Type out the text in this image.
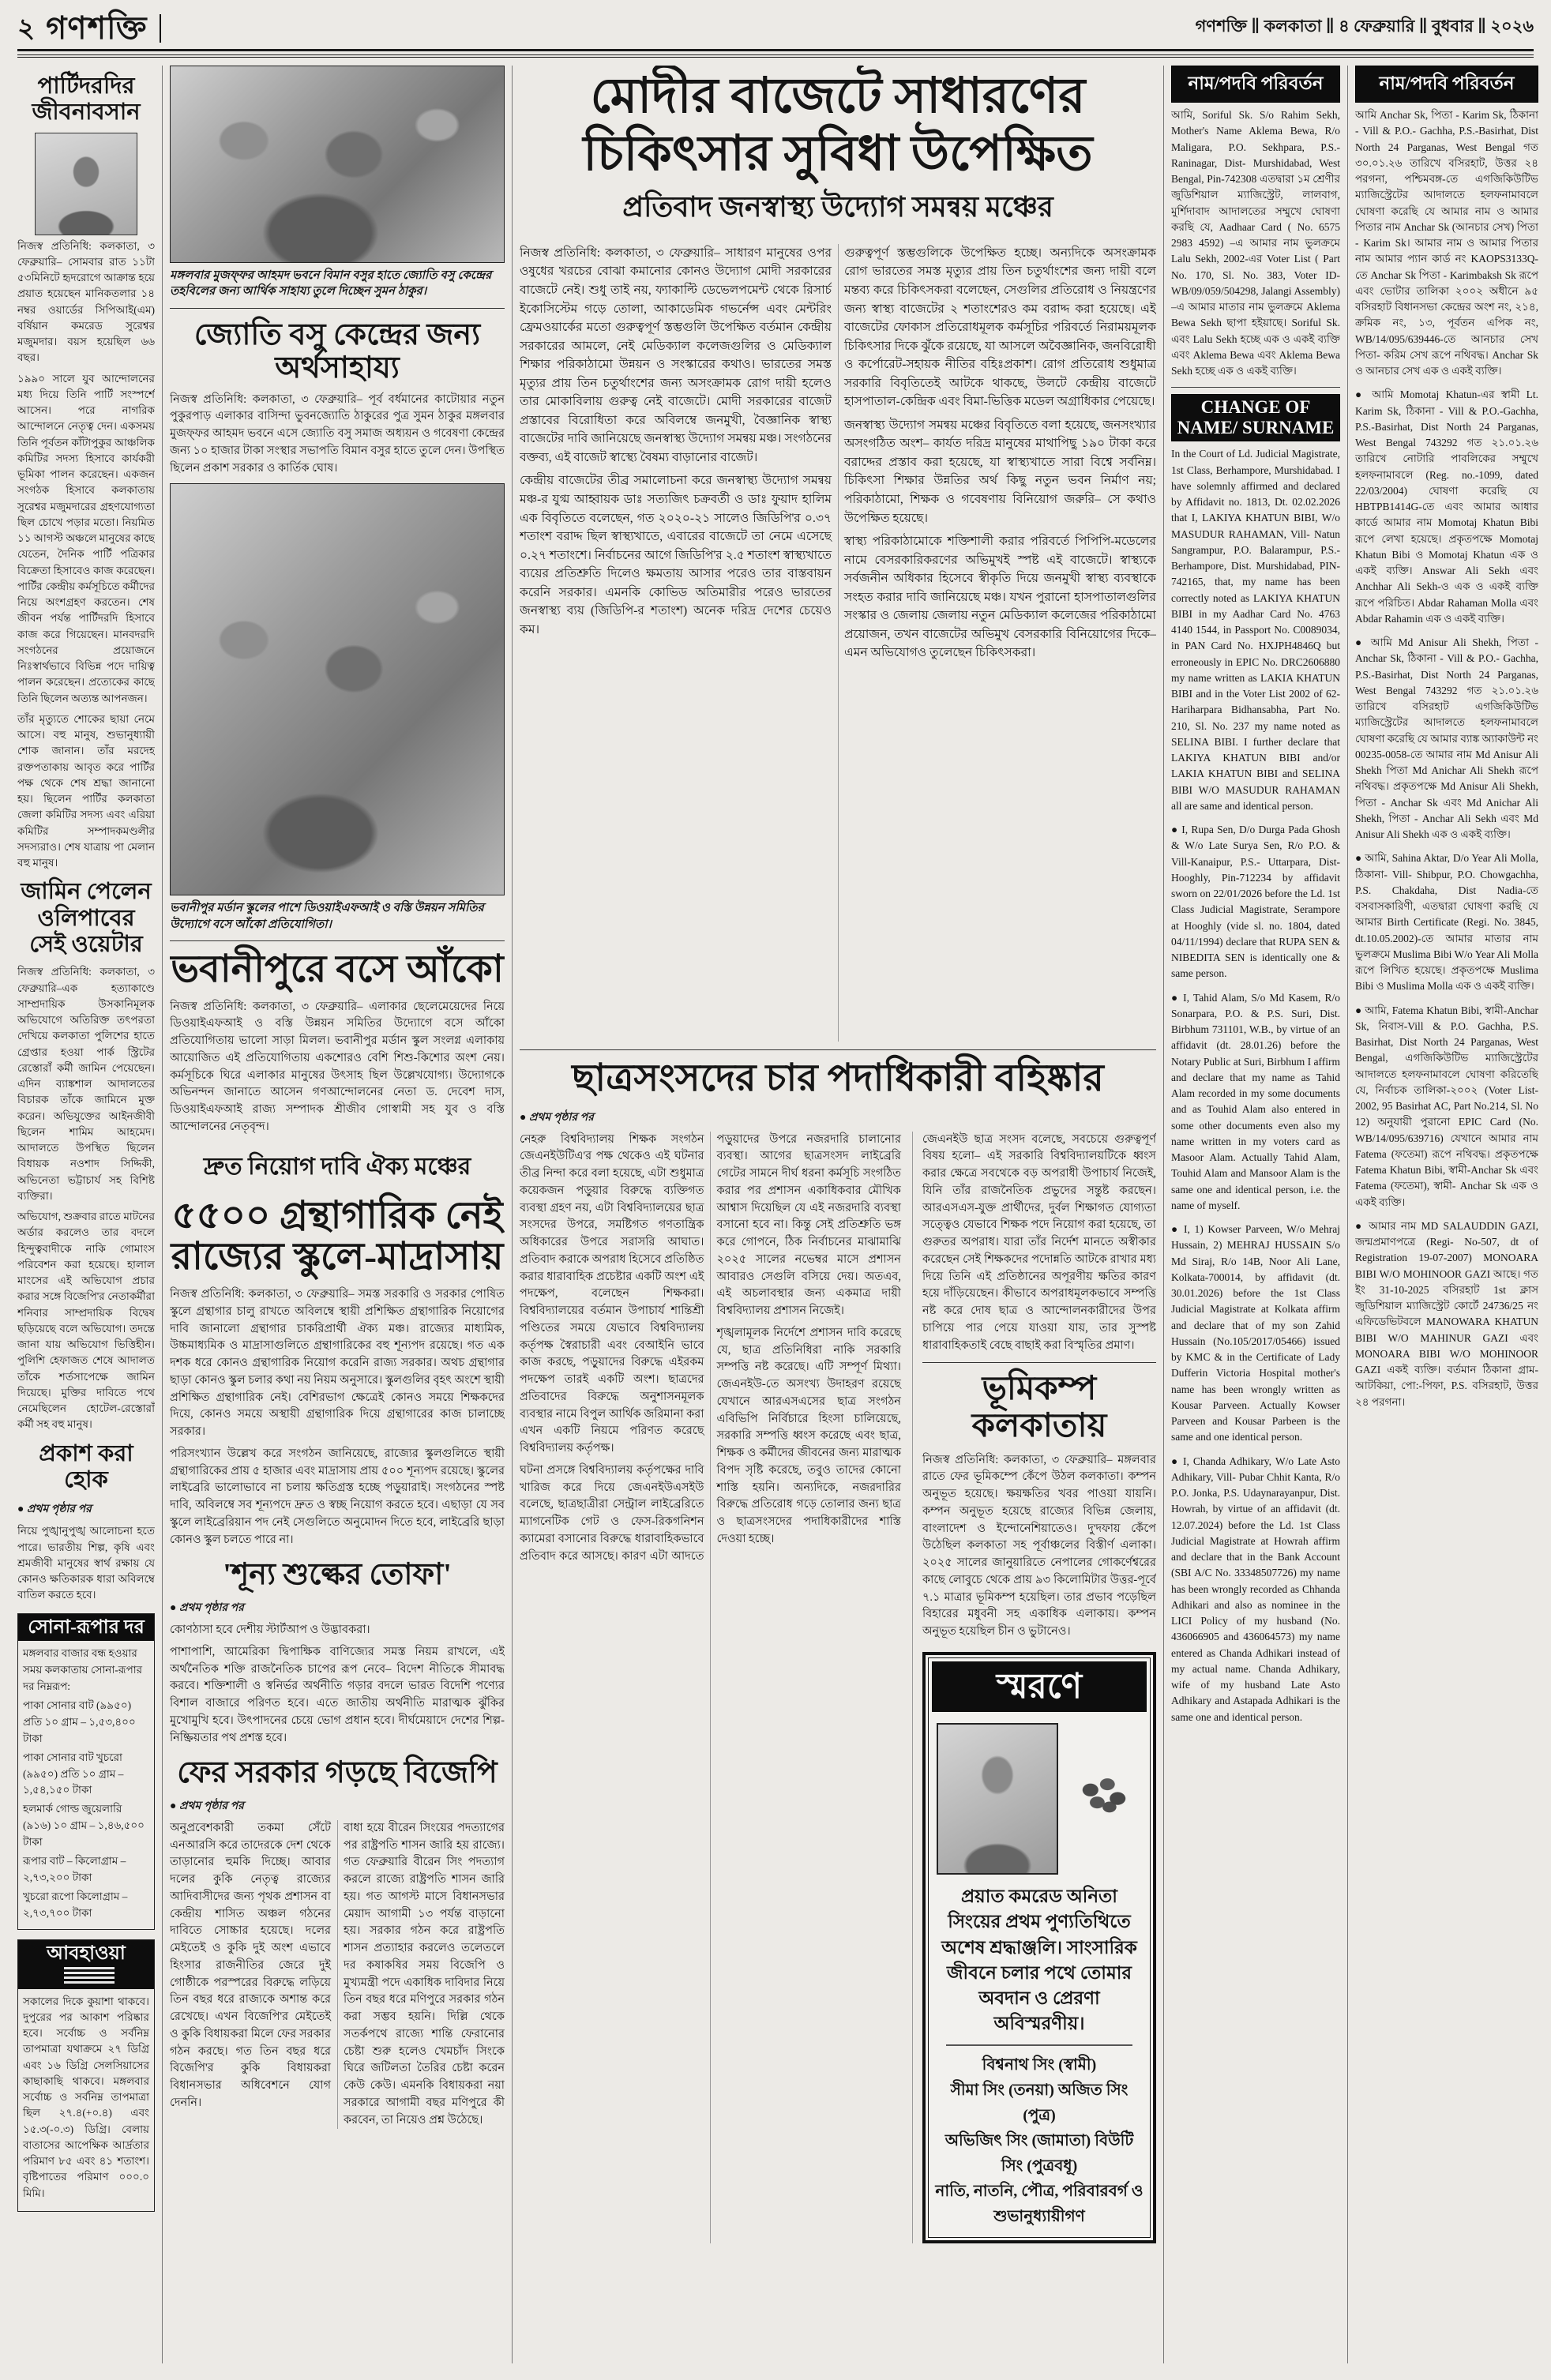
২ গণশক্তি	গণশক্তি ∥ কলকাতা ∥ ৪ ফেব্রুয়ারি ∥ বুধবার ∥ ২০২৬
পার্টিদরদির জীবনাবসান

নিজস্ব প্রতিনিধি: কলকাতা, ৩ ফেব্রুয়ারি– সোমবার রাত ১১টা ৫৩মিনিটে হৃদরোগে আক্রান্ত হয়ে প্রয়াত হয়েছেন মানিকতলার ১৪ নম্বর ওয়ার্ডের সিপিআই(এম) বর্ষিয়ান কমরেড সুরেশ্বর মজুমদার। বয়স হয়েছিল ৬৬ বছর।

১৯৯০ সালে যুব আন্দোলনের মধ্য দিয়ে তিনি পার্টি সংস্পর্শে আসেন। পরে নাগরিক আন্দোলনে নেতৃত্ব দেন। একসময় তিনি পূর্বতন কাঁটাপুকুর আঞ্চলিক কমিটির সদস্য হিসাবে কার্যকরী ভূমিকা পালন করেছেন। একজন সংগঠক হিসাবে কলকাতায় সুরেশ্বর মজুমদারের গ্রহণযোগ্যতা ছিল চোখে পড়ার মতো। নিয়মিত ১১ আগস্ট অঞ্চলে মানুষের কাছে যেতেন, দৈনিক পার্টি পত্রিকার বিক্রেতা হিসাবেও কাজ করেছেন। পার্টির কেন্দ্রীয় কর্মসূচিতে কর্মীদের নিয়ে অংশগ্রহণ করতেন। শেষ জীবন পর্যন্ত পার্টিদরদি হিসাবে কাজ করে গিয়েছেন। মানবদরদি সংগঠনের প্রয়োজনে নিঃস্বার্থভাবে বিভিন্ন পদে দায়িত্ব পালন করেছেন। প্রত্যেকের কাছে তিনি ছিলেন অত্যন্ত আপনজন।

তাঁর মৃত্যুতে শোকের ছায়া নেমে আসে। বহু মানুষ, শুভানুধ্যায়ী শোক জানান। তাঁর মরদেহ রক্তপতাকায় আবৃত করে পার্টির পক্ষ থেকে শেষ শ্রদ্ধা জানানো হয়। ছিলেন পার্টির কলকাতা জেলা কমিটির সদস্য এবং এরিয়া কমিটির সম্পাদকমণ্ডলীর সদস্যরাও। শেষ যাত্রায় পা মেলান বহু মানুষ।

জামিন পেলেন ওলিপাবের সেই ওয়েটার

নিজস্ব প্রতিনিধি: কলকাতা, ৩ ফেব্রুয়ারি–এক হত্যাকাণ্ডে সাম্প্রদায়িক উসকানিমূলক অভিযোগে অতিরিক্ত তৎপরতা দেখিয়ে কলকাতা পুলিশের হাতে গ্রেপ্তার হওয়া পার্ক স্ট্রিটের রেস্তোরাঁ কর্মী জামিন পেয়েছেন। এদিন ব্যাঙ্কশাল আদালতের বিচারক তাঁকে জামিনে মুক্ত করেন। অভিযুক্তের আইনজীবী ছিলেন শামিম আহমেদ। আদালতে উপস্থিত ছিলেন বিধায়ক নওশাদ সিদ্দিকী, অভিনেতা ভট্টাচার্য সহ বিশিষ্ট ব্যক্তিরা।

অভিযোগ, শুক্রবার রাতে মাটনের অর্ডার করলেও তার বদলে হিন্দুত্ববাদীকে নাকি গোমাংস পরিবেশন করা হয়েছে। হালাল মাংসের এই অভিযোগ প্রচার করার সঙ্গে বিজেপি'র নেতাকর্মীরা শনিবার সাম্প্রদায়িক বিদ্বেষ ছড়িয়েছে বলে অভিযোগ। তদন্তে জানা যায় অভিযোগ ভিত্তিহীন। পুলিশি হেফাজত শেষে আদালত তাঁকে শর্তসাপেক্ষে জামিন দিয়েছে। মুক্তির দাবিতে পথে নেমেছিলেন হোটেল-রেস্তোরাঁ কর্মী সহ বহু মানুষ।

প্রকাশ করা হোক
● প্রথম পৃষ্ঠার পর

নিয়ে পুঙ্খানুপুঙ্খ আলোচনা হতে পারে। ভারতীয় শিল্প, কৃষি এবং শ্রমজীবী মানুষের স্বার্থ রক্ষায় যে কোনও ক্ষতিকারক ধারা অবিলম্বে বাতিল করতে হবে।

সোনা-রূপার দর

মঙ্গলবার বাজার বন্ধ হওয়ার সময় কলকাতায় সোনা-রূপার দর নিম্নরূপ:

পাকা সোনার বাট (৯৯৫০) প্রতি ১০ গ্রাম – ১,৫৩,৪০০ টাকা

পাকা সোনার বাট খুচরো (৯৯৫০) প্রতি ১০ গ্রাম – ১,৫৪,১৫০ টাকা

হলমার্ক গোল্ড জুয়েলারি (৯১৬) ১০ গ্রাম – ১,৪৬,৫০০ টাকা

রূপার বাট – কিলোগ্রাম – ২,৭৩,২০০ টাকা

খুচরো রূপো কিলোগ্রাম – ২,৭৩,৭০০ টাকা

আবহাওয়া

সকালের দিকে কুয়াশা থাকবে। দুপুরের পর আকাশ পরিষ্কার হবে। সর্বোচ্চ ও সর্বনিম্ন তাপমাত্রা যথাক্রমে ২৭ ডিগ্রি এবং ১৬ ডিগ্রি সেলসিয়াসের কাছাকাছি থাকবে। মঙ্গলবার সর্বোচ্চ ও সর্বনিম্ন তাপমাত্রা ছিল ২৭.৪(+০.৪) এবং ১৫.৩(-০.৩) ডিগ্রি। বেলায় বাতাসের আপেক্ষিক আর্দ্রতার পরিমাণ ৮৫ এবং ৪১ শতাংশ। বৃষ্টিপাতের পরিমাণ ০০০.০ মিমি।

মঙ্গলবার মুজফ্ফর আহমদ ভবনে বিমান বসুর হাতে জ্যোতি বসু কেন্দ্রের তহবিলের জন্য আর্থিক সাহায্য তুলে দিচ্ছেন সুমন ঠাকুর।
জ্যোতি বসু কেন্দ্রের জন্য অর্থসাহায্য

নিজস্ব প্রতিনিধি: কলকাতা, ৩ ফেব্রুয়ারি– পূর্ব বর্ধমানের কাটোয়ার নতুন পুকুরপাড় এলাকার বাসিন্দা ভুবনজ্যোতি ঠাকুরের পুত্র সুমন ঠাকুর মঙ্গলবার মুজফ্ফর আহমদ ভবনে এসে জ্যোতি বসু সমাজ অধ্যয়ন ও গবেষণা কেন্দ্রের জন্য ১০ হাজার টাকা সংস্থার সভাপতি বিমান বসুর হাতে তুলে দেন। উপস্থিত ছিলেন প্রকাশ সরকার ও কার্তিক ঘোষ।

ভবানীপুর মর্ডান স্কুলের পাশে ডিওয়াইএফআই ও বস্তি উন্নয়ন সমিতির উদ্যোগে বসে আঁকো প্রতিযোগিতা।
ভবানীপুরে বসে আঁকো

নিজস্ব প্রতিনিধি: কলকাতা, ৩ ফেব্রুয়ারি– এলাকার ছেলেমেয়েদের নিয়ে ডিওয়াইএফআই ও বস্তি উন্নয়ন সমিতির উদ্যোগে বসে আঁকো প্রতিযোগিতায় ভালো সাড়া মিলল। ভবানীপুর মর্ডান স্কুল সংলগ্ন এলাকায় আয়োজিত এই প্রতিযোগিতায় একশোরও বেশি শিশু-কিশোর অংশ নেয়। কর্মসূচিকে ঘিরে এলাকার মানুষের উৎসাহ ছিল উল্লেখযোগ্য। উদ্যোগকে অভিনন্দন জানাতে আসেন গণআন্দোলনের নেতা ড. দেবেশ দাস, ডিওয়াইএফআই রাজ্য সম্পাদক শ্রীজীব গোস্বামী সহ যুব ও বস্তি আন্দোলনের নেতৃবৃন্দ।

দ্রুত নিয়োগ দাবি ঐক্য মঞ্চের
৫৫০০ গ্রন্থাগারিক নেই রাজ্যের স্কুলে-মাদ্রাসায়

নিজস্ব প্রতিনিধি: কলকাতা, ৩ ফেব্রুয়ারি– সমস্ত সরকারি ও সরকার পোষিত স্কুলে গ্রন্থাগার চালু রাখতে অবিলম্বে স্থায়ী প্রশিক্ষিত গ্রন্থাগারিক নিয়োগের দাবি জানালো গ্রন্থাগার চাকরিপ্রার্থী ঐক্য মঞ্চ। রাজ্যের মাধ্যমিক, উচ্চমাধ্যমিক ও মাদ্রাসাগুলিতে গ্রন্থাগারিকের বহু শূন্যপদ রয়েছে। গত এক দশক ধরে কোনও গ্রন্থাগারিক নিয়োগ করেনি রাজ্য সরকার। অথচ গ্রন্থাগার ছাড়া কোনও স্কুল চলার কথা নয় নিয়ম অনুসারে। স্কুলগুলির বৃহৎ অংশে স্থায়ী প্রশিক্ষিত গ্রন্থাগারিক নেই। বেশিরভাগ ক্ষেত্রেই কোনও সময়ে শিক্ষকদের দিয়ে, কোনও সময়ে অস্থায়ী গ্রন্থাগারিক দিয়ে গ্রন্থাগারের কাজ চালাচ্ছে সরকার।

পরিসংখ্যান উল্লেখ করে সংগঠন জানিয়েছে, রাজ্যের স্কুলগুলিতে স্থায়ী গ্রন্থাগারিকের প্রায় ৫ হাজার এবং মাদ্রাসায় প্রায় ৫০০ শূন্যপদ রয়েছে। স্কুলের লাইব্রেরি ভালোভাবে না চলায় ক্ষতিগ্রস্ত হচ্ছে পড়ুয়ারাই। সংগঠনের স্পষ্ট দাবি, অবিলম্বে সব শূন্যপদে দ্রুত ও স্বচ্ছ নিয়োগ করতে হবে। এছাড়া যে সব স্কুলে লাইব্রেরিয়ান পদ নেই সেগুলিতে অনুমোদন দিতে হবে, লাইব্রেরি ছাড়া কোনও স্কুল চলতে পারে না।

'শূন্য শুল্কের তোফা'
● প্রথম পৃষ্ঠার পর

কোণঠাসা হবে দেশীয় স্টার্টআপ ও উদ্ভাবকরা।

পাশাপাশি, আমেরিকা দ্বিপাক্ষিক বাণিজ্যের সমস্ত নিয়ম রাখলে, এই অর্থনৈতিক শক্তি রাজনৈতিক চাপের রূপ নেবে– বিদেশ নীতিকে সীমাবদ্ধ করবে। শক্তিশালী ও স্বনির্ভর অর্থনীতি গড়ার বদলে ভারত বিদেশি পণ্যের বিশাল বাজারে পরিণত হবে। এতে জাতীয় অর্থনীতি মারাত্মক ঝুঁকির মুখোমুখি হবে। উৎপাদনের চেয়ে ভোগ প্রধান হবে। দীর্ঘমেয়াদে দেশের শিল্প-নিষ্ক্রিয়তার পথ প্রশস্ত হবে।

ফের সরকার গড়ছে বিজেপি
● প্রথম পৃষ্ঠার পর

অনুপ্রবেশকারী তকমা সেঁটে এনআরসি করে তাদেরকে দেশ থেকে তাড়ানোর হুমকি দিচ্ছে। আবার দলের কুকি নেতৃত্ব রাজ্যের আদিবাসীদের জন্য পৃথক প্রশাসন বা কেন্দ্রীয় শাসিত অঞ্চল গঠনের দাবিতে সোচ্চার হয়েছে। দলের মেইতেই ও কুকি দুই অংশ এভাবে হিংসার রাজনীতির জেরে দুই গোষ্ঠীকে পরস্পরের বিরুদ্ধে লড়িয়ে তিন বছর ধরে রাজ্যকে অশান্ত করে রেখেছে। এখন বিজেপি'র মেইতেই ও কুকি বিধায়করা মিলে ফের সরকার গঠন করছে। গত তিন বছর ধরে বিজেপি'র কুকি বিধায়করা বিধানসভার অধিবেশনে যোগ দেননি।

বাধা হয়ে বীরেন সিংয়ের পদত্যাগের পর রাষ্ট্রপতি শাসন জারি হয় রাজ্যে। গত ফেব্রুয়ারি বীরেন সিং পদত্যাগ করলে রাজ্যে রাষ্ট্রপতি শাসন জারি হয়। গত আগস্ট মাসে বিধানসভার মেয়াদ আগামী ১৩ পর্যন্ত বাড়ানো হয়। সরকার গঠন করে রাষ্ট্রপতি শাসন প্রত্যাহার করলেও তলেতলে দর কষাকষির সময় বিজেপি ও মুখ্যমন্ত্রী পদে একাধিক দাবিদার নিয়ে তিন বছর ধরে মণিপুরে সরকার গঠন করা সম্ভব হয়নি। দিল্লি থেকে সতর্কপথে রাজ্যে শান্তি ফেরানোর চেষ্টা শুরু হলেও খেমচাঁদ সিংকে ঘিরে জটিলতা তৈরির চেষ্টা করেন কেউ কেউ। এমনকি বিধায়করা নয়া সরকারে আগামী বছর মণিপুরে কী করবেন, তা নিয়েও প্রশ্ন উঠেছে।

মোদীর বাজেটে সাধারণের
চিকিৎসার সুবিধা উপেক্ষিত
প্রতিবাদ জনস্বাস্থ্য উদ্যোগ সমন্বয় মঞ্চের

নিজস্ব প্রতিনিধি: কলকাতা, ৩ ফেব্রুয়ারি– সাধারণ মানুষের ওপর ওষুধের খরচের বোঝা কমানোর কোনও উদ্যোগ মোদী সরকারের বাজেটে নেই। শুধু তাই নয়, ফ্যাকাল্টি ডেভেলপমেন্ট থেকে রিসার্চ ইকোসিস্টেম গড়ে তোলা, আকাডেমিক গভর্নেন্স এবং মেন্টরিং ফ্রেমওয়ার্কের মতো গুরুত্বপূর্ণ স্তম্ভগুলি উপেক্ষিত বর্তমান কেন্দ্রীয় সরকারের আমলে, নেই মেডিক্যাল কলেজগুলির ও মেডিক্যাল শিক্ষার পরিকাঠামো উন্নয়ন ও সংস্কারের কথাও। ভারতের সমস্ত মৃত্যুর প্রায় তিন চতুর্থাংশের জন্য অসংক্রামক রোগ দায়ী হলেও তার মোকাবিলায় গুরুত্ব নেই বাজেটে। মোদী সরকারের বাজেট প্রস্তাবের বিরোধিতা করে অবিলম্বে জনমুখী, বৈজ্ঞানিক স্বাস্থ্য বাজেটের দাবি জানিয়েছে জনস্বাস্থ্য উদ্যোগ সমন্বয় মঞ্চ। সংগঠনের বক্তব্য, এই বাজেট স্বাস্থ্যে বৈষম্য বাড়ানোর বাজেট।

কেন্দ্রীয় বাজেটের তীব্র সমালোচনা করে জনস্বাস্থ্য উদ্যোগ সমন্বয় মঞ্চ-র যুগ্ম আহ্বায়ক ডাঃ সত্যজিৎ চক্রবর্তী ও ডাঃ ফুয়াদ হালিম এক বিবৃতিতে বলেছেন, গত ২০২০-২১ সালেও জিডিপি'র ০.৩৭ শতাংশ বরাদ্দ ছিল স্বাস্থ্যখাতে, এবারের বাজেটে তা নেমে এসেছে ০.২৭ শতাংশে। নির্বাচনের আগে জিডিপি'র ২.৫ শতাংশ স্বাস্থ্যখাতে ব্যয়ের প্রতিশ্রুতি দিলেও ক্ষমতায় আসার পরেও তার বাস্তবায়ন করেনি সরকার। এমনকি কোভিড অতিমারীর পরেও ভারতের জনস্বাস্থ্য ব্যয় (জিডিপি-র শতাংশ) অনেক দরিদ্র দেশের চেয়েও কম।

গুরুত্বপূর্ণ স্তম্ভগুলিকে উপেক্ষিত হচ্ছে। অন্যদিকে অসংক্রামক রোগ ভারতের সমস্ত মৃত্যুর প্রায় তিন চতুর্থাংশের জন্য দায়ী বলে মন্তব্য করে চিকিৎসকরা বলেছেন, সেগুলির প্রতিরোধ ও নিয়ন্ত্রণের জন্য স্বাস্থ্য বাজেটের ২ শতাংশেরও কম বরাদ্দ করা হয়েছে। এই বাজেটের ফোকাস প্রতিরোধমূলক কর্মসূচির পরিবর্তে নিরাময়মূলক চিকিৎসার দিকে ঝুঁকে রয়েছে, যা আসলে অবৈজ্ঞানিক, জনবিরোধী ও কর্পোরেট-সহায়ক নীতির বহিঃপ্রকাশ। রোগ প্রতিরোধ শুধুমাত্র সরকারি বিবৃতিতেই আটকে থাকছে, উলটে কেন্দ্রীয় বাজেটে হাসপাতাল-কেন্দ্রিক এবং বিমা-ভিত্তিক মডেল অগ্রাধিকার পেয়েছে।

জনস্বাস্থ্য উদ্যোগ সমন্বয় মঞ্চের বিবৃতিতে বলা হয়েছে, জনসংখ্যার অসংগঠিত অংশ– কার্যত দরিদ্র মানুষের মাথাপিছু ১৯০ টাকা করে বরাদ্দের প্রস্তাব করা হয়েছে, যা স্বাস্থ্যখাতে সারা বিশ্বে সর্বনিম্ন। চিকিৎসা শিক্ষার উন্নতির অর্থ কিছু নতুন ভবন নির্মাণ নয়; পরিকাঠামো, শিক্ষক ও গবেষণায় বিনিয়োগ জরুরি– সে কথাও উপেক্ষিত হয়েছে।

স্বাস্থ্য পরিকাঠামোকে শক্তিশালী করার পরিবর্তে পিপিপি-মডেলের নামে বেসরকারিকরণের অভিমুখই স্পষ্ট এই বাজেটে। স্বাস্থ্যকে সর্বজনীন অধিকার হিসেবে স্বীকৃতি দিয়ে জনমুখী স্বাস্থ্য ব্যবস্থাকে সংহত করার দাবি জানিয়েছে মঞ্চ। যখন পুরানো হাসপাতালগুলির সংস্কার ও জেলায় জেলায় নতুন মেডিক্যাল কলেজের পরিকাঠামো প্রয়োজন, তখন বাজেটের অভিমুখ বেসরকারি বিনিয়োগের দিকে– এমন অভিযোগও তুলেছেন চিকিৎসকরা।

ছাত্রসংসদের চার পদাধিকারী বহিষ্কার
● প্রথম পৃষ্ঠার পর

নেহরু বিশ্ববিদ্যালয় শিক্ষক সংগঠন জেএনইউটিএ'র পক্ষ থেকেও এই ঘটনার তীব্র নিন্দা করে বলা হয়েছে, এটা শুধুমাত্র কয়েকজন পড়ুয়ার বিরুদ্ধে ব্যক্তিগত ব্যবস্থা গ্রহণ নয়, এটা বিশ্ববিদ্যালয়ের ছাত্র সংসদের উপরে, সমষ্টিগত গণতান্ত্রিক অধিকারের উপরে সরাসরি আঘাত। প্রতিবাদ করাকে অপরাধ হিসেবে প্রতিষ্ঠিত করার ধারাবাহিক প্রচেষ্টার একটি অংশ এই পদক্ষেপ, বলেছেন শিক্ষকরা। বিশ্ববিদ্যালয়ের বর্তমান উপাচার্য শান্তিশ্রী পণ্ডিতের সময়ে যেভাবে বিশ্ববিদ্যালয় কর্তৃপক্ষ স্বৈরাচারী এবং বেআইনি ভাবে কাজ করছে, পড়ুয়াদের বিরুদ্ধে এইরকম পদক্ষেপ তারই একটি অংশ। ছাত্রদের প্রতিবাদের বিরুদ্ধে অনুশাসনমূলক ব্যবস্থার নামে বিপুল আর্থিক জরিমানা করা এখন একটি নিয়মে পরিণত করেছে বিশ্ববিদ্যালয় কর্তৃপক্ষ।

ঘটনা প্রসঙ্গে বিশ্ববিদ্যালয় কর্তৃপক্ষের দাবি খারিজ করে দিয়ে জেএনইউএসইউ বলেছে, ছাত্রছাত্রীরা সেন্ট্রাল লাইব্রেরিতে ম্যাগনেটিক গেট ও ফেস-রিকগনিশন ক্যামেরা বসানোর বিরুদ্ধে ধারাবাহিকভাবে প্রতিবাদ করে আসছে। কারণ এটা আদতে পড়ুয়াদের উপরে নজরদারি চালানোর ব্যবস্থা। আগের ছাত্রসংসদ লাইব্রেরি গেটের সামনে দীর্ঘ ধরনা কর্মসূচি সংগঠিত করার পর প্রশাসন একাধিকবার মৌখিক আশ্বাস দিয়েছিল যে এই নজরদারি ব্যবস্থা বসানো হবে না। কিন্তু সেই প্রতিশ্রুতি ভঙ্গ করে গোপনে, ঠিক নির্বাচনের মাঝামাঝি ২০২৫ সালের নভেম্বর মাসে প্রশাসন আবারও সেগুলি বসিয়ে দেয়। অতএব, এই অচলাবস্থার জন্য একমাত্র দায়ী বিশ্ববিদ্যালয় প্রশাসন নিজেই।

শৃঙ্খলামূলক নির্দেশে প্রশাসন দাবি করেছে যে, ছাত্র প্রতিনিধিরা নাকি সরকারি সম্পত্তি নষ্ট করেছে। এটি সম্পূর্ণ মিথ্যা। জেএনইউ-তে অসংখ্য উদাহরণ রয়েছে যেখানে আরএসএসের ছাত্র সংগঠন এবিভিপি নির্বিচারে হিংসা চালিয়েছে, সরকারি সম্পত্তি ধ্বংস করেছে এবং ছাত্র, শিক্ষক ও কর্মীদের জীবনের জন্য মারাত্মক বিপদ সৃষ্টি করেছে, তবুও তাদের কোনো শাস্তি হয়নি। অন্যদিকে, নজরদারির বিরুদ্ধে প্রতিরোধ গড়ে তোলার জন্য ছাত্র ও ছাত্রসংসদের পদাধিকারীদের শাস্তি দেওয়া হচ্ছে।

জেএনইউ ছাত্র সংসদ বলেছে, সবচেয়ে গুরুত্বপূর্ণ বিষয় হলো– এই সরকারি বিশ্ববিদ্যালয়টিকে ধ্বংস করার ক্ষেত্রে সবথেকে বড় অপরাধী উপাচার্য নিজেই, যিনি তাঁর রাজনৈতিক প্রভুদের সন্তুষ্ট করছেন। আরএসএস-যুক্ত প্রার্থীদের, দুর্বল শিক্ষাগত যোগ্যতা সত্ত্বেও যেভাবে শিক্ষক পদে নিয়োগ করা হয়েছে, তা গুরুতর অপরাধ। যারা তাঁর নির্দেশ মানতে অস্বীকার করেছেন সেই শিক্ষকদের পদোন্নতি আটকে রাখার মধ্য দিয়ে তিনি এই প্রতিষ্ঠানের অপূরণীয় ক্ষতির কারণ হয়ে দাঁড়িয়েছেন। কীভাবে অপরাধমূলকভাবে সম্পত্তি নষ্ট করে দোষ ছাত্র ও আন্দোলনকারীদের উপর চাপিয়ে পার পেয়ে যাওয়া যায়, তার সুস্পষ্ট ধারাবাহিকতাই বেছে বাছাই করা বিস্মৃতির প্রমাণ।

ভূমিকম্প কলকাতায়

নিজস্ব প্রতিনিধি: কলকাতা, ৩ ফেব্রুয়ারি– মঙ্গলবার রাতে ফের ভূমিকম্পে কেঁপে উঠল কলকাতা। কম্পন অনুভূত হয়েছে। ক্ষয়ক্ষতির খবর পাওয়া যায়নি। কম্পন অনুভূত হয়েছে রাজ্যের বিভিন্ন জেলায়, বাংলাদেশ ও ইন্দোনেশিয়াতেও। দু'দফায় কেঁপে উঠেছিল কলকাতা সহ পূর্বাঞ্চলের বিস্তীর্ণ এলাকা। ২০২৫ সালের জানুয়ারিতে নেপালের গোকর্ণেশ্বরের কাছে লোবুচে থেকে প্রায় ৯৩ কিলোমিটার উত্তর-পূর্বে ৭.১ মাত্রার ভূমিকম্প হয়েছিল। তার প্রভাব পড়েছিল বিহারের মধুবনী সহ একাধিক এলাকায়। কম্পন অনুভূত হয়েছিল চীন ও ভুটানেও।

স্মরণে
প্রয়াত কমরেড অনিতা সিংয়ের প্রথম পুণ্যতিথিতে অশেষ শ্রদ্ধাঞ্জলি। সাংসারিক জীবনে চলার পথে তোমার অবদান ও প্রেরণা অবিস্মরণীয়।
বিশ্বনাথ সিং (স্বামী)
সীমা সিং (তনয়া) অজিত সিং (পুত্র)
অভিজিৎ সিং (জামাতা) বিউটি সিং (পুত্রবধূ)
নাতি, নাতনি, পৌত্র, পরিবারবর্গ ও শুভানুধ্যায়ীগণ
নাম/পদবি পরিবর্তন

আমি, Soriful Sk. S/o Rahim Sekh, Mother's Name Aklema Bewa, R/o Maligara, P.O. Sekhpara, P.S.- Raninagar, Dist- Murshidabad, West Bengal, Pin-742308 এতদ্বারা ১ম শ্রেণীর জুডিশিয়াল ম্যাজিস্ট্রেট, লালবাগ, মুর্শিদাবাদ আদালতের সম্মুখে ঘোষণা করছি যে, Aadhaar Card ( No. 6575 2983 4592) –এ আমার নাম ভুলক্রমে Lalu Sekh, 2002-এর Voter List ( Part No. 170, Sl. No. 383, Voter ID- WB/09/059/504298, Jalangi Assembly) –এ আমার মাতার নাম ভুলক্রমে Aklema Bewa Sekh ছাপা হইয়াছে। Soriful Sk. এবং Lalu Sekh হচ্ছে এক ও একই ব্যক্তি এবং Aklema Bewa এবং Aklema Bewa Sekh হচ্ছে এক ও একই ব্যক্তি।

CHANGE OF NAME/ SURNAME

In the Court of Ld. Judicial Magistrate, 1st Class, Berhampore, Murshidabad. I have solemnly affirmed and declared by Affidavit no. 1813, Dt. 02.02.2026 that I, LAKIYA KHATUN BIBI, W/o MASUDUR RAHAMAN, Vill- Natun Sangrampur, P.O. Balarampur, P.S.- Berhampore, Dist. Murshidabad, PIN-742165, that, my name has been correctly noted as LAKIYA KHATUN BIBI in my Aadhar Card No. 4763 4140 1544, in Passport No. C0089034, in PAN Card No. HXJPH4846Q but erroneously in EPIC No. DRC2606880 my name written as LAKIA KHATUN BIBI and in the Voter List 2002 of 62-Hariharpara Bidhansabha, Part No. 210, Sl. No. 237 my name noted as SELINA BIBI. I further declare that LAKIYA KHATUN BIBI and/or LAKIA KHATUN BIBI and SELINA BIBI W/O MASUDUR RAHAMAN all are same and identical person.

● I, Rupa Sen, D/o Durga Pada Ghosh & W/o Late Surya Sen, R/o P.O. & Vill-Kanaipur, P.S.- Uttarpara, Dist- Hooghly, Pin-712234 by affidavit sworn on 22/01/2026 before the Ld. 1st Class Judicial Magistrate, Serampore at Hooghly (vide sl. no. 1804, dated 04/11/1994) declare that RUPA SEN & NIBEDITA SEN is identically one & same person.

● I, Tahid Alam, S/o Md Kasem, R/o Sonarpara, P.O. & P.S. Suri, Dist. Birbhum 731101, W.B., by virtue of an affidavit (dt. 28.01.26) before the Notary Public at Suri, Birbhum I affirm and declare that my name as Tahid Alam recorded in my some documents and as Touhid Alam also entered in some other documents even also my name written in my voters card as Masoor Alam. Actually Tahid Alam, Touhid Alam and Mansoor Alam is the same one and identical person, i.e. the name of myself.

● I, 1) Kowser Parveen, W/o Mehraj Hussain, 2) MEHRAJ HUSSAIN S/o Md Siraj, R/o 14B, Noor Ali Lane, Kolkata-700014, by affidavit (dt. 30.01.2026) before the 1st Class Judicial Magistrate at Kolkata affirm and declare that of my son Zahid Hussain (No.105/2017/05466) issued by KMC & in the Certificate of Lady Dufferin Victoria Hospital mother's name has been wrongly written as Kousar Parveen. Actually Kowser Parveen and Kousar Parbeen is the same and one identical person.

● I, Chanda Adhikary, W/o Late Asto Adhikary, Vill- Pubar Chhit Kanta, R/o P.O. Jonka, P.S. Udaynarayanpur, Dist. Howrah, by virtue of an affidavit (dt. 12.07.2024) before the Ld. 1st Class Judicial Magistrate at Howrah affirm and declare that in the Bank Account (SBI A/C No. 33348507726) my name has been wrongly recorded as Chhanda Adhikari and also as nominee in the LICI Policy of my husband (No. 436066905 and 436064573) my name entered as Chanda Adhikari instead of my actual name. Chanda Adhikary, wife of my husband Late Asto Adhikary and Astapada Adhikari is the same one and identical person.

নাম/পদবি পরিবর্তন

আমি Anchar Sk, পিতা - Karim Sk, ঠিকানা - Vill & P.O.- Gachha, P.S.-Basirhat, Dist North 24 Parganas, West Bengal গত ৩০.০১.২৬ তারিখে বসিরহাট, উত্তর ২৪ পরগনা, পশ্চিমবঙ্গ-তে এগজিকিউটিভ ম্যাজিস্ট্রেটের আদালতে হলফনামাবলে ঘোষণা করেছি যে আমার নাম ও আমার পিতার নাম Anchar Sk (আনচার সেখ) পিতা - Karim Sk। আমার নাম ও আমার পিতার নাম আমার প্যান কার্ড নং KAOPS3133Q-তে Anchar Sk পিতা - Karimbaksh Sk রূপে এবং ভোটার তালিকা ২০০২ অধীনে ৯৫ বসিরহাট বিধানসভা কেন্দ্রের অংশ নং, ২১৪, ক্রমিক নং, ১৩, পূর্বতন এপিক নং, WB/14/095/639446-তে আনচার সেখ পিতা- করিম সেখ রূপে নথিবদ্ধ। Anchar Sk ও আনচার সেখ এক ও একই ব্যক্তি।

● আমি Momotaj Khatun-এর স্বামী Lt. Karim Sk, ঠিকানা - Vill & P.O.-Gachha, P.S.-Basirhat, Dist North 24 Parganas, West Bengal 743292 গত ২১.০১.২৬ তারিখে নোটারি পাবলিকের সম্মুখে হলফনামাবলে (Reg. no.-1099, dated 22/03/2004) ঘোষণা করেছি যে HBTPB1414G-তে এবং আমার আধার কার্ডে আমার নাম Momotaj Khatun Bibi রূপে লেখা হয়েছে। প্রকৃতপক্ষে Momotaj Khatun Bibi ও Momotaj Khatun এক ও একই ব্যক্তি। Answar Ali Sekh এবং Anchhar Ali Sekh-ও এক ও একই ব্যক্তি রূপে পরিচিত। Abdar Rahaman Molla এবং Abdar Rahamin এক ও একই ব্যক্তি।

● আমি Md Anisur Ali Shekh, পিতা - Anchar Sk, ঠিকানা - Vill & P.O.- Gachha, P.S.-Basirhat, Dist North 24 Parganas, West Bengal 743292 গত ২১.০১.২৬ তারিখে বসিরহাট এগজিকিউটিভ ম্যাজিস্ট্রেটের আদালতে হলফনামাবলে ঘোষণা করেছি যে আমার ব্যাঙ্ক অ্যাকাউন্ট নং 00235-0058-তে আমার নাম Md Anisur Ali Shekh পিতা Md Anichar Ali Shekh রূপে নথিবদ্ধ। প্রকৃতপক্ষে Md Anisur Ali Shekh, পিতা - Anchar Sk এবং Md Anichar Ali Shekh, পিতা - Anchar Ali Sekh এবং Md Anisur Ali Shekh এক ও একই ব্যক্তি।

● আমি, Sahina Aktar, D/o Year Ali Molla, ঠিকানা- Vill- Shibpur, P.O. Chowgachha, P.S. Chakdaha, Dist Nadia-তে বসবাসকারিণী, এতদ্বারা ঘোষণা করছি যে আমার Birth Certificate (Regi. No. 3845, dt.10.05.2002)-তে আমার মাতার নাম ভুলক্রমে Muslima Bibi W/o Year Ali Molla রূপে লিখিত হয়েছে। প্রকৃতপক্ষে Muslima Bibi ও Muslima Molla এক ও একই ব্যক্তি।

● আমি, Fatema Khatun Bibi, স্বামী-Anchar Sk, নিবাস-Vill & P.O. Gachha, P.S. Basirhat, Dist North 24 Parganas, West Bengal, এগজিকিউটিভ ম্যাজিস্ট্রেটের আদালতে হলফনামাবলে ঘোষণা করিতেছি যে, নির্বাচক তালিকা-২০০২ (Voter List-2002, 95 Basirhat AC, Part No.214, Sl. No 12) অনুযায়ী পুরানো EPIC Card (No. WB/14/095/639716) যেখানে আমার নাম Fatema (ফতেমা) রূপে নথিবদ্ধ। প্রকৃতপক্ষে Fatema Khatun Bibi, স্বামী-Anchar Sk এবং Fatema (ফতেমা), স্বামী- Anchar Sk এক ও একই ব্যক্তি।

● আমার নাম MD SALAUDDIN GAZI, জন্মপ্রমাণপত্রে (Regi- No-507, dt of Registration 19-07-2007) MONOARA BIBI W/O MOHINOOR GAZI আছে। গত ইং 31-10-2025 বসিরহাট 1st ক্লাস জুডিশিয়াল ম্যাজিস্ট্রেট কোর্টে 24736/25 নং এফিডেভিটবলে MANOWARA KHATUN BIBI W/O MAHINUR GAZI এবং MONOARA BIBI W/O MOHINOOR GAZI একই ব্যক্তি। বর্তমান ঠিকানা গ্রাম-আটকিয়া, পো:-পিফা, P.S. বসিরহাট, উত্তর ২৪ পরগনা।
